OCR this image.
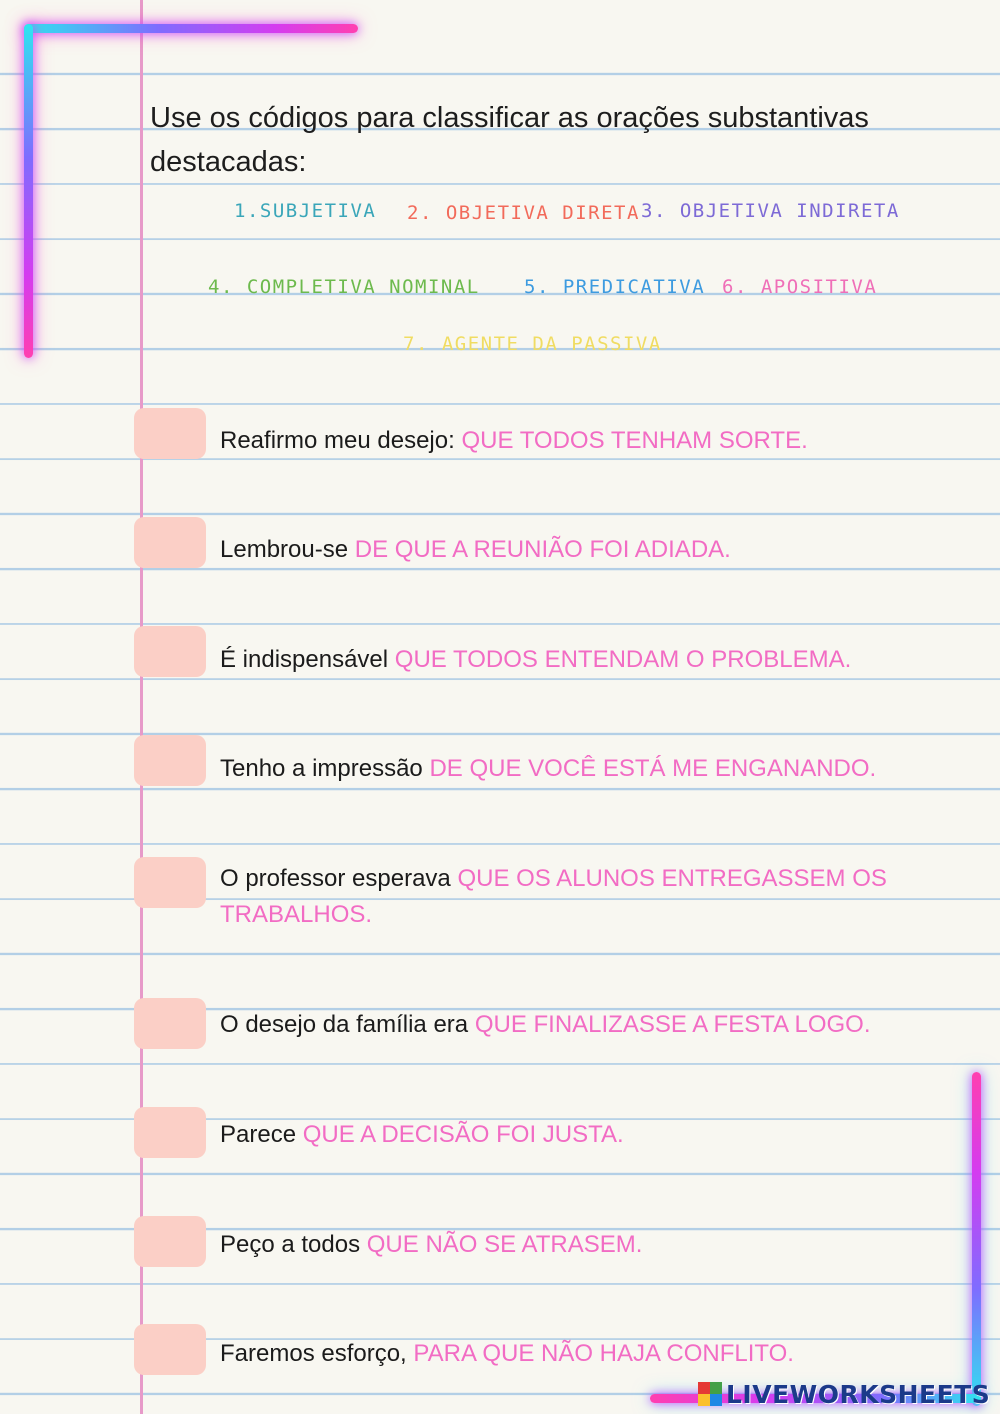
Use os códigos para classificar as orações substantivas destacadas:
1.SUBJETIVA 2. OBJETIVA DIRETA 3. OBJETIVA INDIRETA
4. COMPLETIVA NOMINAL 5. PREDICATIVA 6. APOSITIVA
7. AGENTE DA PASSIVA

Reafirmo meu desejo: QUE TODOS TENHAM SORTE.

Lembrou-se DE QUE A REUNIÃO FOI ADIADA.

É indispensável QUE TODOS ENTENDAM O PROBLEMA.

Tenho a impressão DE QUE VOCÊ ESTÁ ME ENGANANDO.

O professor esperava QUE OS ALUNOS ENTREGASSEM OS TRABALHOS.

O desejo da família era QUE FINALIZASSE A FESTA LOGO.

Parece QUE A DECISÃO FOI JUSTA.

Peço a todos QUE NÃO SE ATRASEM.

Faremos esforço, PARA QUE NÃO HAJA CONFLITO.

LIVEWORKSHEETS
